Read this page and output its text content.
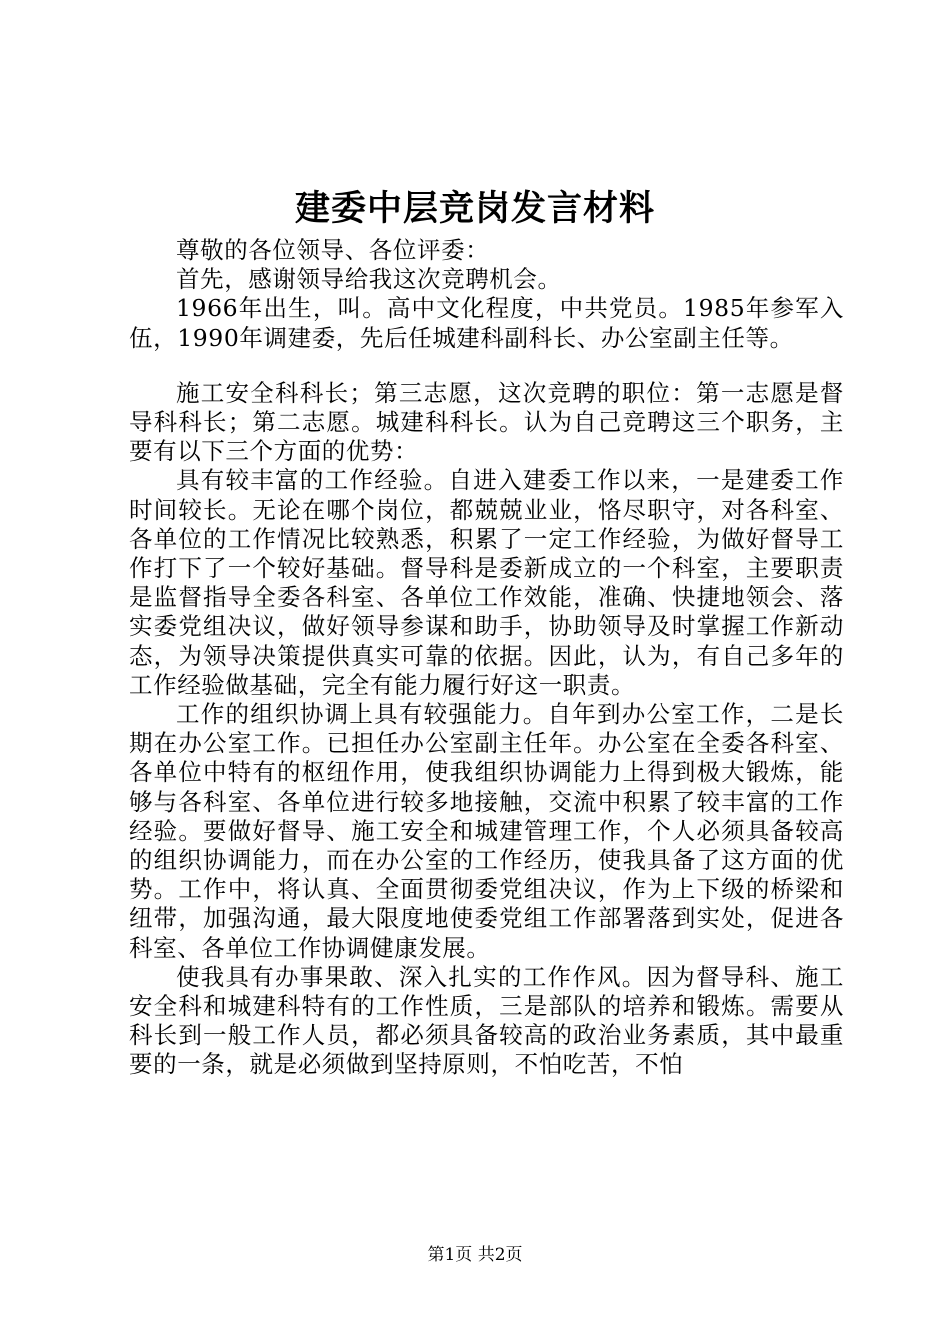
建委中层竞岗发言材料

尊敬的各位领导、各位评委：

首先，感谢领导给我这次竞聘机会。

1966年出生，叫。高中文化程度，中共党员。1985年参军入伍，1990年调建委，先后任城建科副科长、办公室副主任等。

施工安全科科长；第三志愿，这次竞聘的职位：第一志愿是督导科科长；第二志愿。城建科科长。认为自己竞聘这三个职务，主要有以下三个方面的优势：

具有较丰富的工作经验。自进入建委工作以来，一是建委工作时间较长。无论在哪个岗位，都兢兢业业，恪尽职守，对各科室、各单位的工作情况比较熟悉，积累了一定工作经验，为做好督导工作打下了一个较好基础。督导科是委新成立的一个科室，主要职责是监督指导全委各科室、各单位工作效能，准确、快捷地领会、落实委党组决议，做好领导参谋和助手，协助领导及时掌握工作新动态，为领导决策提供真实可靠的依据。因此，认为，有自己多年的工作经验做基础，完全有能力履行好这一职责。

工作的组织协调上具有较强能力。自年到办公室工作，二是长期在办公室工作。已担任办公室副主任年。办公室在全委各科室、各单位中特有的枢纽作用，使我组织协调能力上得到极大锻炼，能够与各科室、各单位进行较多地接触，交流中积累了较丰富的工作经验。要做好督导、施工安全和城建管理工作，个人必须具备较高的组织协调能力，而在办公室的工作经历，使我具备了这方面的优势。工作中，将认真、全面贯彻委党组决议，作为上下级的桥梁和纽带，加强沟通，最大限度地使委党组工作部署落到实处，促进各科室、各单位工作协调健康发展。

使我具有办事果敢、深入扎实的工作作风。因为督导科、施工安全科和城建科特有的工作性质，三是部队的培养和锻炼。需要从科长到一般工作人员，都必须具备较高的政治业务素质，其中最重要的一条，就是必须做到坚持原则，不怕吃苦，不怕

第1页 共2页
